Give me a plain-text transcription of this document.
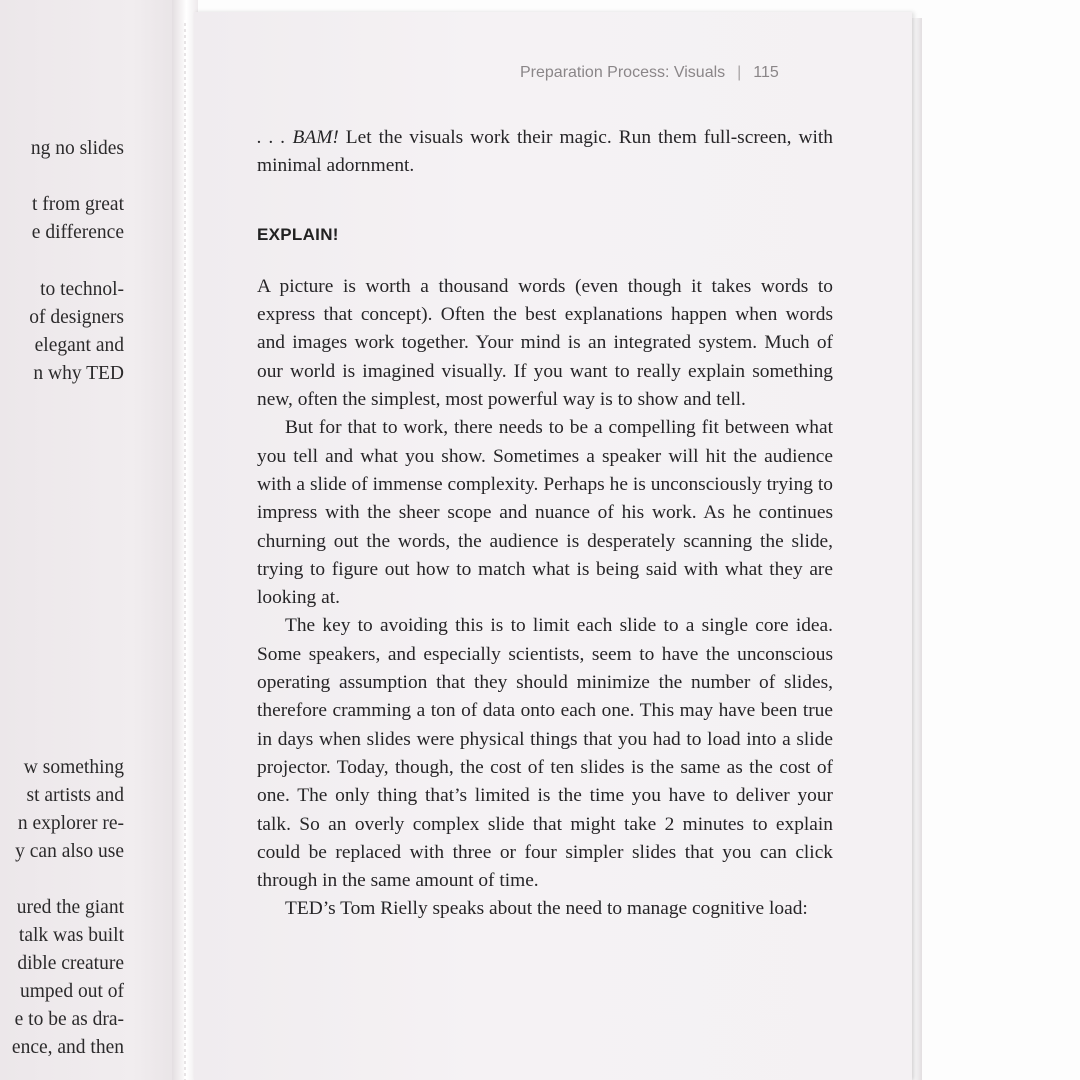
ng no slides
t from great
e difference
to technol-
of designers
elegant and
n why TED
w something
st artists and
n explorer re-
y can also use
ured the giant
talk was built
dible creature
umped out of
e to be as dra-
ence, and then
Preparation Process: Visuals | 115

. . . BAM! Let the visuals work their magic. Run them full-screen, with minimal adornment.

EXPLAIN!

A picture is worth a thousand words (even though it takes words to express that concept). Often the best explanations happen when words and images work together. Your mind is an integrated system. Much of our world is imagined visually. If you want to really explain something new, often the simplest, most powerful way is to show and tell.

But for that to work, there needs to be a compelling fit between what you tell and what you show. Sometimes a speaker will hit the audience with a slide of immense complexity. Perhaps he is unconsciously trying to impress with the sheer scope and nuance of his work. As he continues churning out the words, the audience is desperately scanning the slide, trying to figure out how to match what is being said with what they are looking at.

The key to avoiding this is to limit each slide to a single core idea. Some speakers, and especially scientists, seem to have the unconscious operating assumption that they should minimize the number of slides, therefore cramming a ton of data onto each one. This may have been true in days when slides were physical things that you had to load into a slide projector. Today, though, the cost of ten slides is the same as the cost of one. The only thing that’s limited is the time you have to deliver your talk. So an overly complex slide that might take 2 minutes to explain could be replaced with three or four simpler slides that you can click through in the same amount of time.

TED’s Tom Rielly speaks about the need to manage cognitive load:
